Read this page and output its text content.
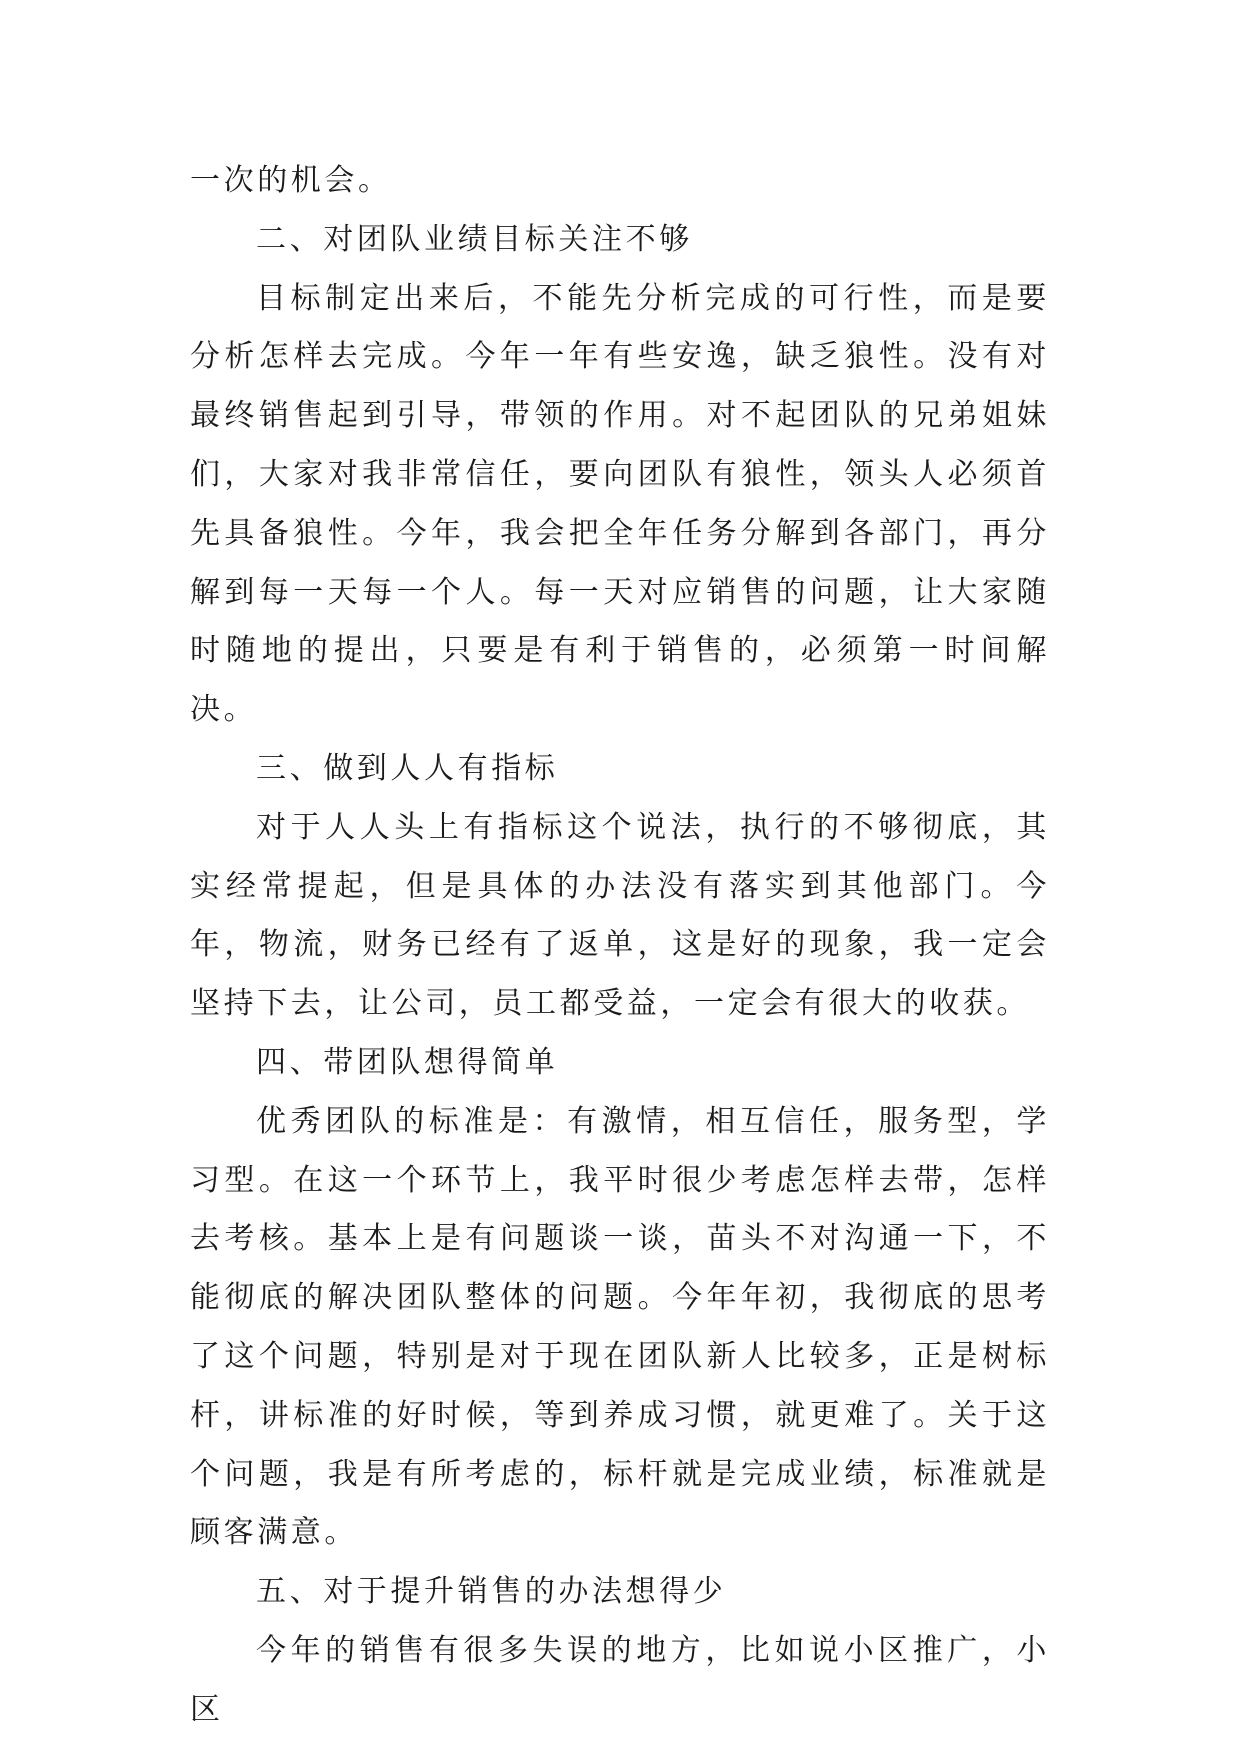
一次的机会。

二、对团队业绩目标关注不够

目标制定出来后，不能先分析完成的可行性，而是要分析怎样去完成。今年一年有些安逸，缺乏狼性。没有对最终销售起到引导，带领的作用。对不起团队的兄弟姐妹们，大家对我非常信任，要向团队有狼性，领头人必须首先具备狼性。今年，我会把全年任务分解到各部门，再分解到每一天每一个人。每一天对应销售的问题，让大家随时随地的提出，只要是有利于销售的，必须第一时间解决。

三、做到人人有指标

对于人人头上有指标这个说法，执行的不够彻底，其实经常提起，但是具体的办法没有落实到其他部门。今年，物流，财务已经有了返单，这是好的现象，我一定会坚持下去，让公司，员工都受益，一定会有很大的收获。

四、带团队想得简单

优秀团队的标准是：有激情，相互信任，服务型，学习型。在这一个环节上，我平时很少考虑怎样去带，怎样去考核。基本上是有问题谈一谈，苗头不对沟通一下，不能彻底的解决团队整体的问题。今年年初，我彻底的思考了这个问题，特别是对于现在团队新人比较多，正是树标杆，讲标准的好时候，等到养成习惯，就更难了。关于这个问题，我是有所考虑的，标杆就是完成业绩，标准就是顾客满意。

五、对于提升销售的办法想得少

今年的销售有很多失误的地方，比如说小区推广，小区
